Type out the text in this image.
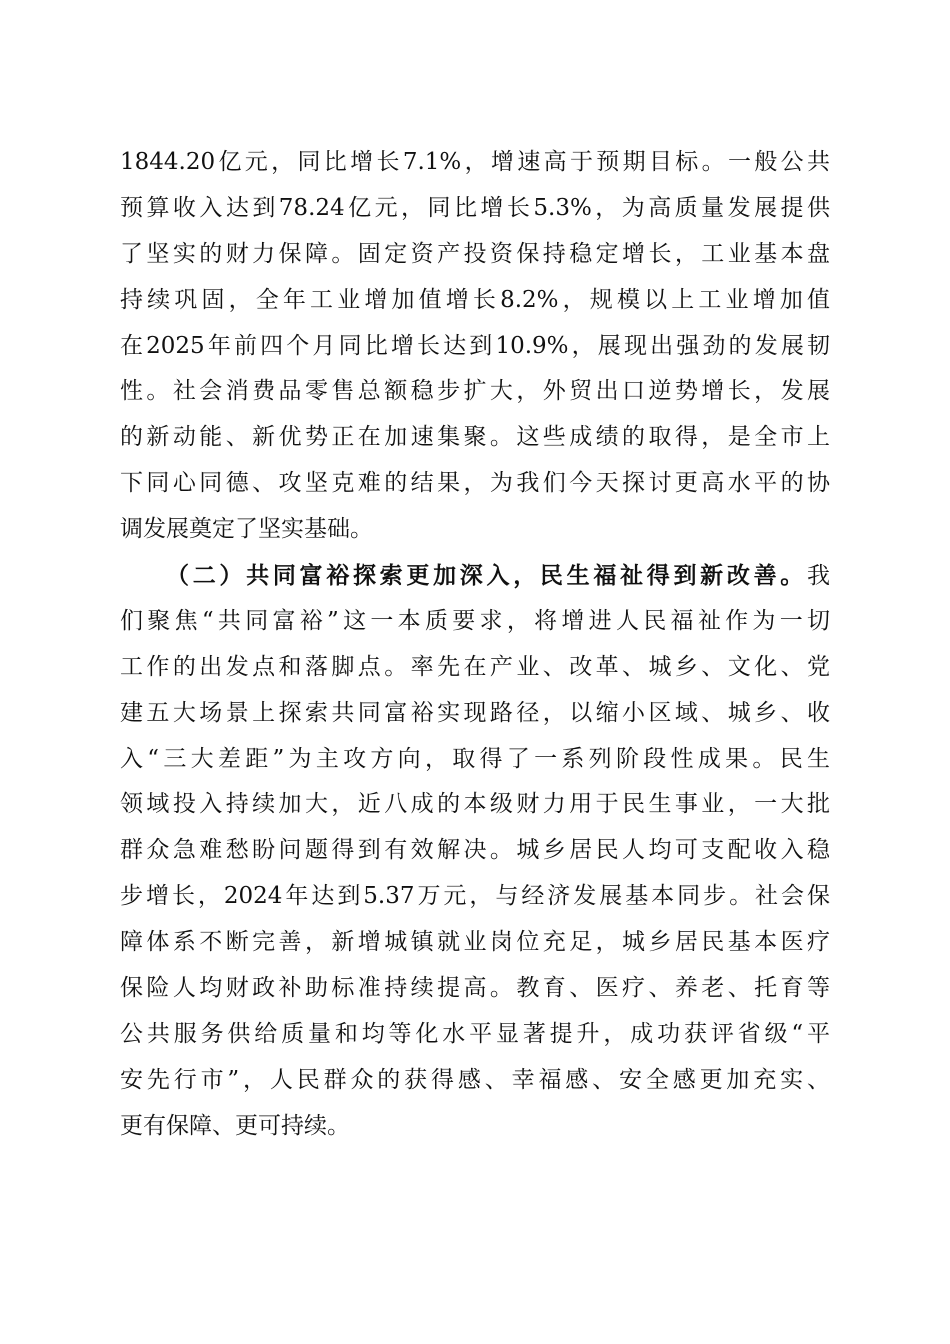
1844.20亿元，同比增长7.1%，增速高于预期目标。一般公共
预算收入达到78.24亿元，同比增长5.3%，为高质量发展提供
了坚实的财力保障。固定资产投资保持稳定增长，工业基本盘
持续巩固，全年工业增加值增长8.2%，规模以上工业增加值
在2025年前四个月同比增长达到10.9%，展现出强劲的发展韧
性。社会消费品零售总额稳步扩大，外贸出口逆势增长，发展
的新动能、新优势正在加速集聚。这些成绩的取得，是全市上
下同心同德、攻坚克难的结果，为我们今天探讨更高水平的协
调发展奠定了坚实基础。
（二）共同富裕探索更加深入，民生福祉得到新改善。我
们聚焦“共同富裕”这一本质要求，将增进人民福祉作为一切
工作的出发点和落脚点。率先在产业、改革、城乡、文化、党
建五大场景上探索共同富裕实现路径，以缩小区域、城乡、收
入“三大差距”为主攻方向，取得了一系列阶段性成果。民生
领域投入持续加大，近八成的本级财力用于民生事业，一大批
群众急难愁盼问题得到有效解决。城乡居民人均可支配收入稳
步增长，2024年达到5.37万元，与经济发展基本同步。社会保
障体系不断完善，新增城镇就业岗位充足，城乡居民基本医疗
保险人均财政补助标准持续提高。教育、医疗、养老、托育等
公共服务供给质量和均等化水平显著提升，成功获评省级“平
安先行市”，人民群众的获得感、幸福感、安全感更加充实、
更有保障、更可持续。
